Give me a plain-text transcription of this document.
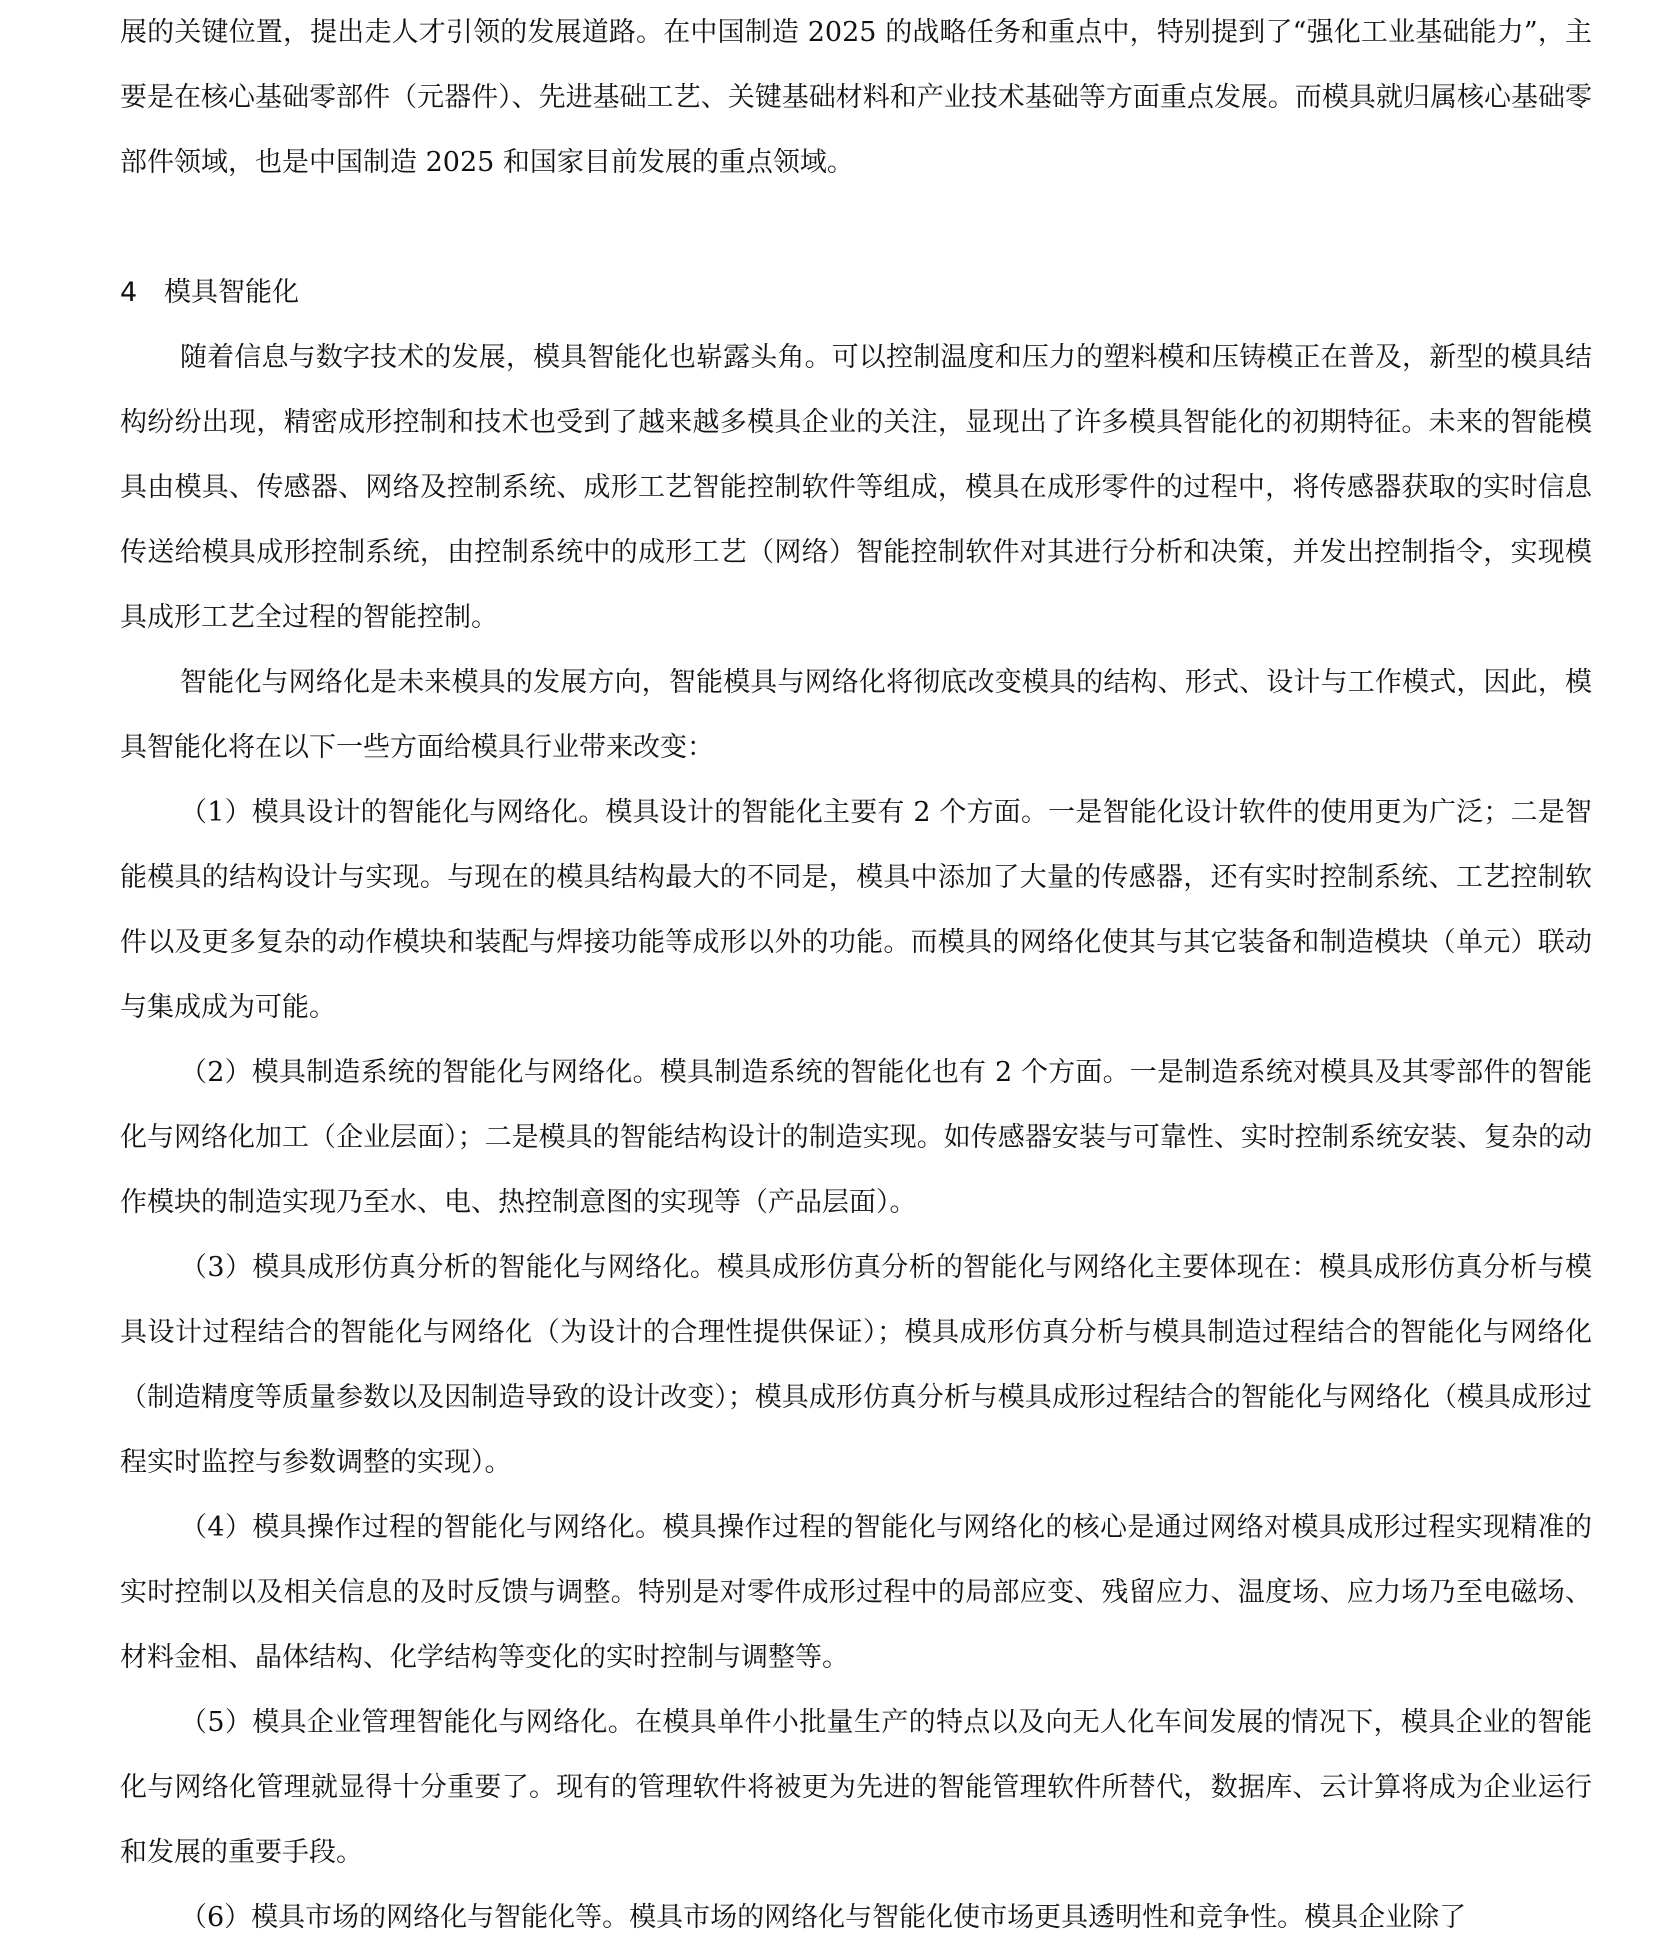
展的关键位置，提出走人才引领的发展道路。在中国制造 2025 的战略任务和重点中，特别提到了“强化工业基础能力”，主要是在核心基础零部件（元器件）、先进基础工艺、关键基础材料和产业技术基础等方面重点发展。而模具就归属核心基础零部件领域，也是中国制造 2025 和国家目前发展的重点领域。

4 模具智能化

随着信息与数字技术的发展，模具智能化也崭露头角。可以控制温度和压力的塑料模和压铸模正在普及，新型的模具结构纷纷出现，精密成形控制和技术也受到了越来越多模具企业的关注，显现出了许多模具智能化的初期特征。未来的智能模具由模具、传感器、网络及控制系统、成形工艺智能控制软件等组成，模具在成形零件的过程中，将传感器获取的实时信息传送给模具成形控制系统，由控制系统中的成形工艺（网络）智能控制软件对其进行分析和决策，并发出控制指令，实现模具成形工艺全过程的智能控制。

智能化与网络化是未来模具的发展方向，智能模具与网络化将彻底改变模具的结构、形式、设计与工作模式，因此，模具智能化将在以下一些方面给模具行业带来改变：

（1）模具设计的智能化与网络化。模具设计的智能化主要有 2 个方面。一是智能化设计软件的使用更为广泛；二是智能模具的结构设计与实现。与现在的模具结构最大的不同是，模具中添加了大量的传感器，还有实时控制系统、工艺控制软件以及更多复杂的动作模块和装配与焊接功能等成形以外的功能。而模具的网络化使其与其它装备和制造模块（单元）联动与集成成为可能。

（2）模具制造系统的智能化与网络化。模具制造系统的智能化也有 2 个方面。一是制造系统对模具及其零部件的智能化与网络化加工（企业层面）；二是模具的智能结构设计的制造实现。如传感器安装与可靠性、实时控制系统安装、复杂的动作模块的制造实现乃至水、电、热控制意图的实现等（产品层面）。

（3）模具成形仿真分析的智能化与网络化。模具成形仿真分析的智能化与网络化主要体现在：模具成形仿真分析与模具设计过程结合的智能化与网络化（为设计的合理性提供保证）；模具成形仿真分析与模具制造过程结合的智能化与网络化（制造精度等质量参数以及因制造导致的设计改变）；模具成形仿真分析与模具成形过程结合的智能化与网络化（模具成形过程实时监控与参数调整的实现）。

（4）模具操作过程的智能化与网络化。模具操作过程的智能化与网络化的核心是通过网络对模具成形过程实现精准的实时控制以及相关信息的及时反馈与调整。特别是对零件成形过程中的局部应变、残留应力、温度场、应力场乃至电磁场、材料金相、晶体结构、化学结构等变化的实时控制与调整等。

（5）模具企业管理智能化与网络化。在模具单件小批量生产的特点以及向无人化车间发展的情况下，模具企业的智能化与网络化管理就显得十分重要了。现有的管理软件将被更为先进的智能管理软件所替代，数据库、云计算将成为企业运行和发展的重要手段。

（6）模具市场的网络化与智能化等。模具市场的网络化与智能化使市场更具透明性和竞争性。模具企业除了
